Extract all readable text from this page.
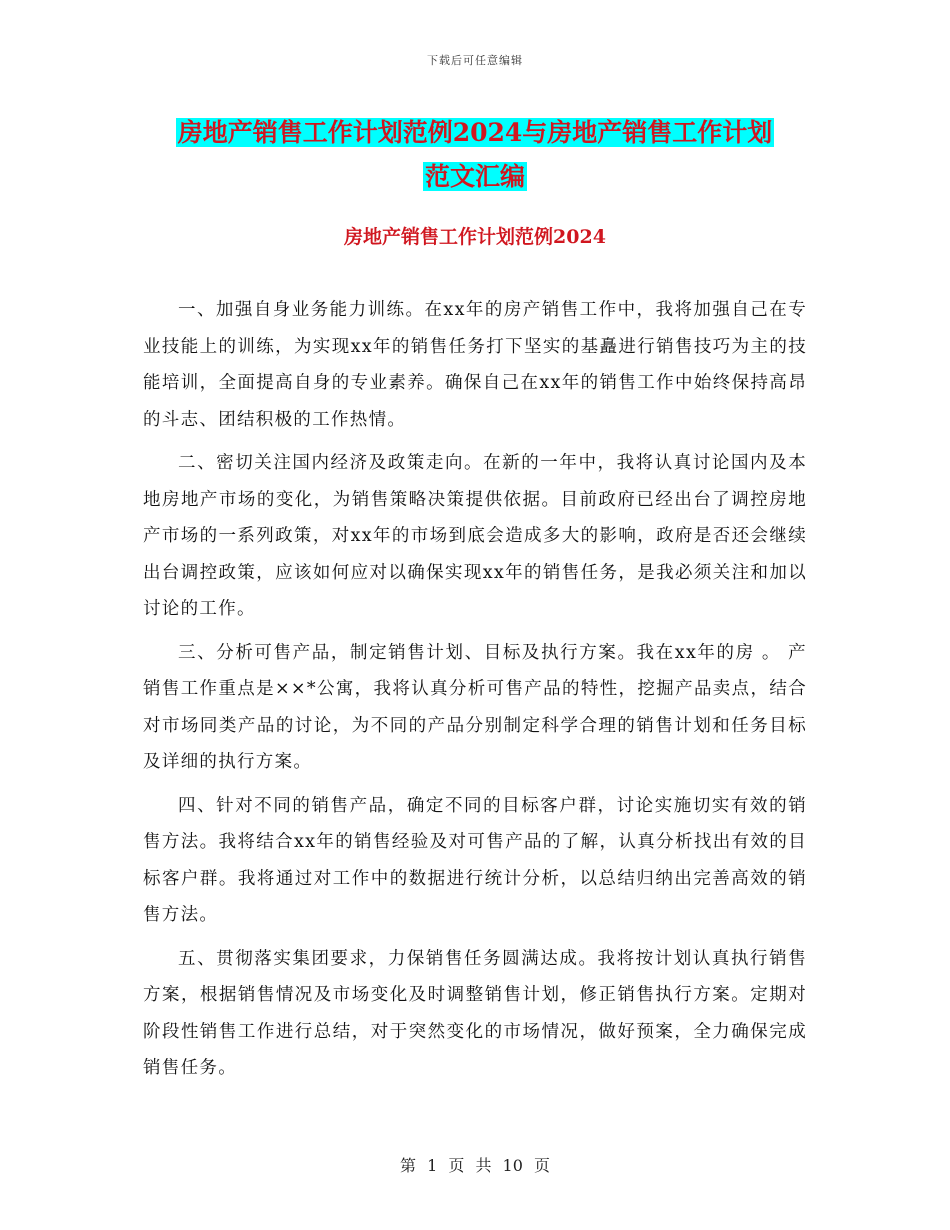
下载后可任意编辑
房地产销售工作计划范例2024与房地产销售工作计划
范文汇编
房地产销售工作计划范例2024

一、加强自身业务能力训练。在xx年的房产销售工作中，我将加强自己在专业技能上的训练，为实现xx年的销售任务打下坚实的基矗进行销售技巧为主的技能培训，全面提高自身的专业素养。确保自己在xx年的销售工作中始终保持高昂的斗志、团结积极的工作热情。

二、密切关注国内经济及政策走向。在新的一年中，我将认真讨论国内及本地房地产市场的变化，为销售策略决策提供依据。目前政府已经出台了调控房地产市场的一系列政策，对xx年的市场到底会造成多大的影响，政府是否还会继续出台调控政策，应该如何应对以确保实现xx年的销售任务，是我必须关注和加以讨论的工作。

三、分析可售产品，制定销售计划、目标及执行方案。我在xx年的房 。 产销售工作重点是××*公寓，我将认真分析可售产品的特性，挖掘产品卖点，结合对市场同类产品的讨论，为不同的产品分别制定科学合理的销售计划和任务目标及详细的执行方案。

四、针对不同的销售产品，确定不同的目标客户群，讨论实施切实有效的销售方法。我将结合xx年的销售经验及对可售产品的了解，认真分析找出有效的目标客户群。我将通过对工作中的数据进行统计分析，以总结归纳出完善高效的销售方法。

五、贯彻落实集团要求，力保销售任务圆满达成。我将按计划认真执行销售方案，根据销售情况及市场变化及时调整销售计划，修正销售执行方案。定期对阶段性销售工作进行总结，对于突然变化的市场情况，做好预案，全力确保完成销售任务。

第 1 页 共 10 页
